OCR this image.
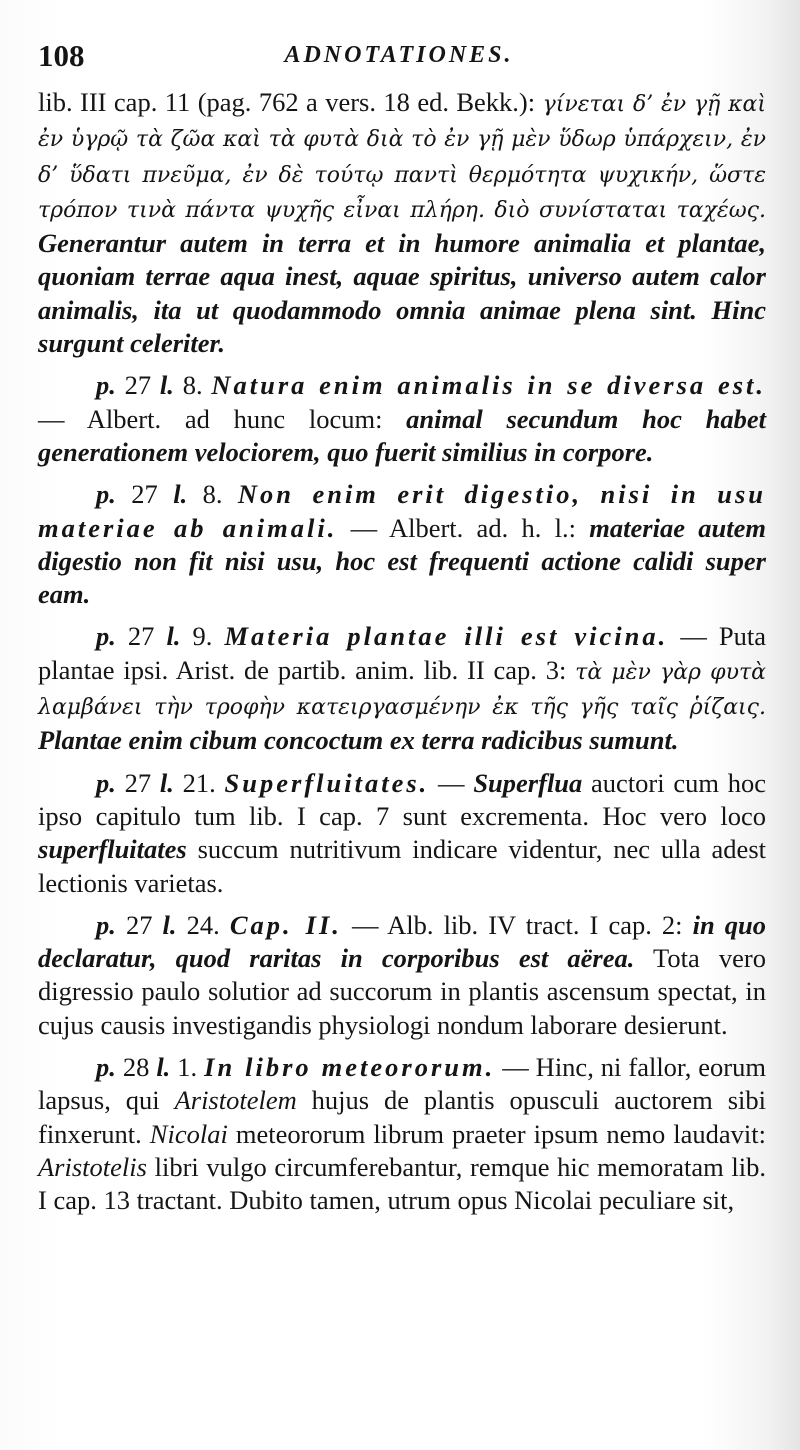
108	ADNOTATIONES.

lib. III cap. 11 (pag. 762 a vers. 18 ed. Bekk.): γίνεται δ’ ἐν γῇ καὶ ἐν ὑγρῷ τὰ ζῶα καὶ τὰ φυτὰ διὰ τὸ ἐν γῇ μὲν ὕδωρ ὑπάρχειν, ἐν δ’ ὕδατι πνεῦμα, ἐν δὲ τούτῳ παντὶ θερμότητα ψυχικήν, ὥστε τρόπον τινὰ πάντα ψυχῆς εἶναι πλήρη. διὸ συνίσταται ταχέως. Generantur autem in terra et in humore animalia et plantae, quoniam terrae aqua inest, aquae spiritus, universo autem calor animalis, ita ut quodammodo omnia animae plena sint. Hinc surgunt celeriter.

p. 27 l. 8. Natura enim animalis in se diversa est. — Albert. ad hunc locum: animal secundum hoc habet generationem velociorem, quo fuerit similius in corpore.

p. 27 l. 8. Non enim erit digestio, nisi in usu materiae ab animali. — Albert. ad. h. l.: materiae autem digestio non fit nisi usu, hoc est frequenti actione calidi super eam.

p. 27 l. 9. Materia plantae illi est vicina. — Puta plantae ipsi. Arist. de partib. anim. lib. II cap. 3: τὰ μὲν γὰρ φυτὰ λαμβάνει τὴν τροφὴν κατειργασμένην ἐκ τῆς γῆς ταῖς ῥίζαις. Plantae enim cibum concoctum ex terra radicibus sumunt.

p. 27 l. 21. Superfluitates. — Superflua auctori cum hoc ipso capitulo tum lib. I cap. 7 sunt excrementa. Hoc vero loco superfluitates succum nutritivum indicare videntur, nec ulla adest lectionis varietas.

p. 27 l. 24. Cap. II. — Alb. lib. IV tract. I cap. 2: in quo declaratur, quod raritas in corporibus est aërea. Tota vero digressio paulo solutior ad succorum in plantis ascensum spectat, in cujus causis investigandis physiologi nondum laborare desierunt.

p. 28 l. 1. In libro meteororum. — Hinc, ni fallor, eorum lapsus, qui Aristotelem hujus de plantis opusculi auctorem sibi finxerunt. Nicolai meteororum librum praeter ipsum nemo laudavit: Aristotelis libri vulgo circumferebantur, remque hic memoratam lib. I cap. 13 tractant. Dubito tamen, utrum opus Nicolai peculiare sit,
